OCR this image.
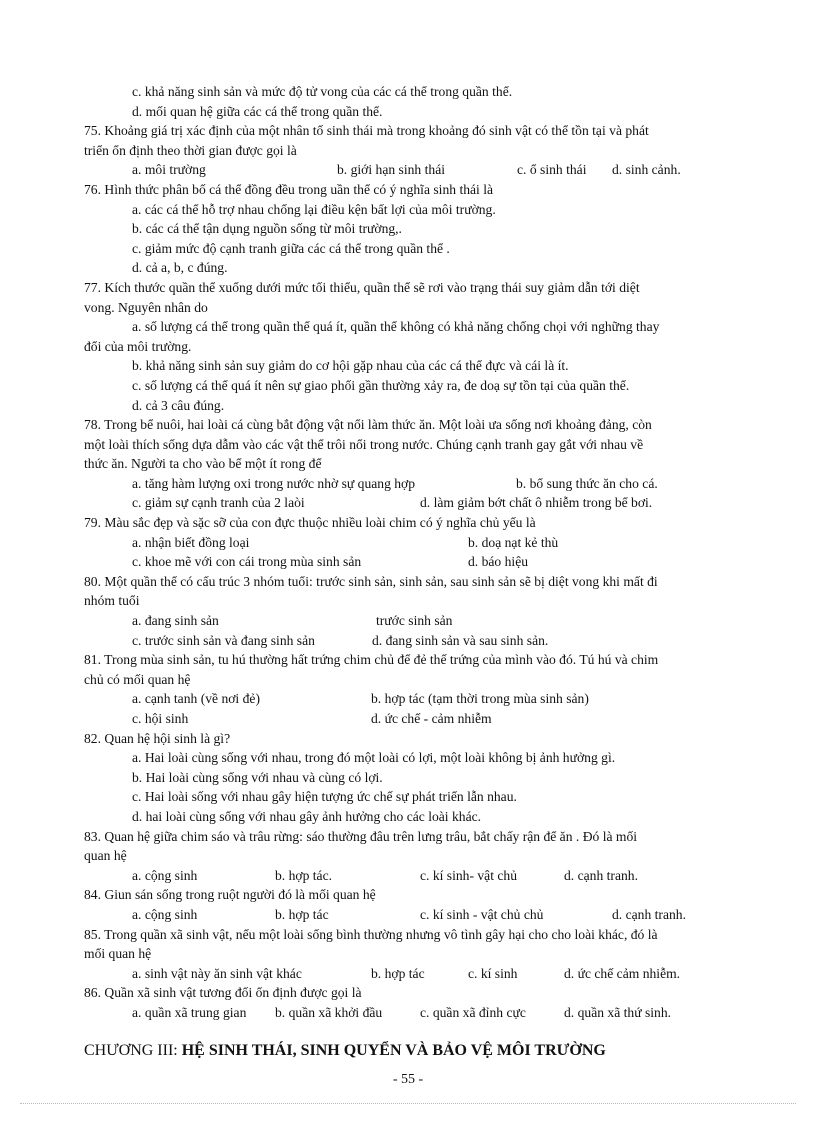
c. khả năng sinh sản và mức độ tử vong của các cá thể trong quần thể.
d. mối quan hệ giữa các cá thể trong quần thể.
75. Khoảng giá trị xác định của một nhân tố sinh thái mà trong khoảng đó sinh vật có thể tồn tại và phát
triển ổn định theo thời gian được gọi là
a. môi trường	b. giới hạn sinh thái	c. ổ sinh thái d. sinh cảnh.
76. Hình thức phân bố cá thể đồng đều trong uần thể có ý nghĩa sinh thái là
a. các cá thể hỗ trợ nhau chống lại điều kện bất lợi của môi trường.
b. các cá thể tận dụng nguồn sống từ môi trường,.
c. giảm mức độ cạnh tranh giữa các cá thể trong quần thể .
d. cả a, b, c đúng.
77. Kích thước quần thể xuống dưới mức tối thiểu, quần thể sẽ rơi vào trạng thái suy giảm dẫn tới diệt
vong. Nguyên nhân do
a. số lượng cá thể trong quần thể quá ít, quần thể không có khả năng chống chọi với nghững thay
đổi của môi trường.
b. khả năng sinh sản suy giảm do cơ hội gặp nhau của các cá thể đực và cái là ít.
c. số lượng cá thể quá ít nên sự giao phối gần thường xảy ra, đe doạ sự tồn tại của quần thể.
d. cả 3 câu đúng.
78. Trong bể nuôi, hai loài cá cùng bắt động vật nổi làm thức ăn. Một loài ưa sống nơi khoảng đảng, còn
một loài thích sống dựa dẫm vào các vật thể trôi nổi trong nước. Chúng cạnh tranh gay gắt với nhau về
thức ăn. Người ta cho vào bể một ít rong để
a. tăng hàm lượng oxi trong nước nhờ sự quang hợp	b. bổ sung thức ăn cho cá.
c. giảm sự cạnh tranh của 2 laòi	d. làm giảm bớt chất ô nhiễm trong bể bơi.
79. Màu sắc đẹp và sặc sỡ của con đực thuộc nhiều loài chim có ý nghĩa chủ yếu là
a. nhận biết đồng loại	b. doạ nạt kẻ thù
c. khoe mẽ với con cái trong mùa sinh sản	d. báo hiệu
80. Một quần thể có cấu trúc 3 nhóm tuổi: trước sinh sản, sinh sản, sau sinh sản sẽ bị diệt vong khi mất đi
nhóm tuổi
a. đang sinh sản	trước sinh sản
c. trước sinh sản và đang sinh sản	d. đang sinh sản và sau sinh sản.
81. Trong mùa sinh sản, tu hú thường hất trứng chim chủ để đẻ thế trứng của mình vào đó. Tú hú và chim
chủ có mối quan hệ
a. cạnh tanh (về nơi đẻ)	b. hợp tác (tạm thời trong mùa sinh sản)
c. hội sinh	d. ức chế - cảm nhiễm
82. Quan hệ hội sinh là gì?
a. Hai loài cùng sống với nhau, trong đó một loài có lợi, một loài không bị ảnh hưởng gì.
b. Hai loài cùng sống với nhau và cùng có lợi.
c. Hai loài sống với nhau gây hiện tượng ức chế sự phát triển lẫn nhau.
d. hai loài cùng sống với nhau gây ảnh hưởng cho các loài khác.
83. Quan hệ giữa chim sáo và trâu rừng: sáo thường đâu trên lưng trâu, bắt chấy rận để ăn . Đó là mối
quan hệ
a. cộng sinh	b. hợp tác.	c. kí sinh- vật chủ	d. cạnh tranh.
84. Giun sán sống trong ruột người đó là mối quan hệ
a. cộng sinh	b. hợp tác	c. kí sinh - vật chủ chủ	d. cạnh tranh.
85. Trong quần xã sinh vật, nếu một loài sống bình thường nhưng vô tình gây hại cho cho loài khác, đó là
mối quan hệ
a. sinh vật này ăn sinh vật khác	b. hợp tác	c. kí sinh	d. ức chế cảm nhiễm.
86. Quần xã sinh vật tương đối ổn định được gọi là
a. quần xã trung gian b. quần xã khởi đầu	c. quần xã đỉnh cực	d. quần xã thứ sinh.
CHƯƠNG III: HỆ SINH THÁI, SINH QUYỂN VÀ BẢO VỆ MÔI TRƯỜNG
- 55 -
